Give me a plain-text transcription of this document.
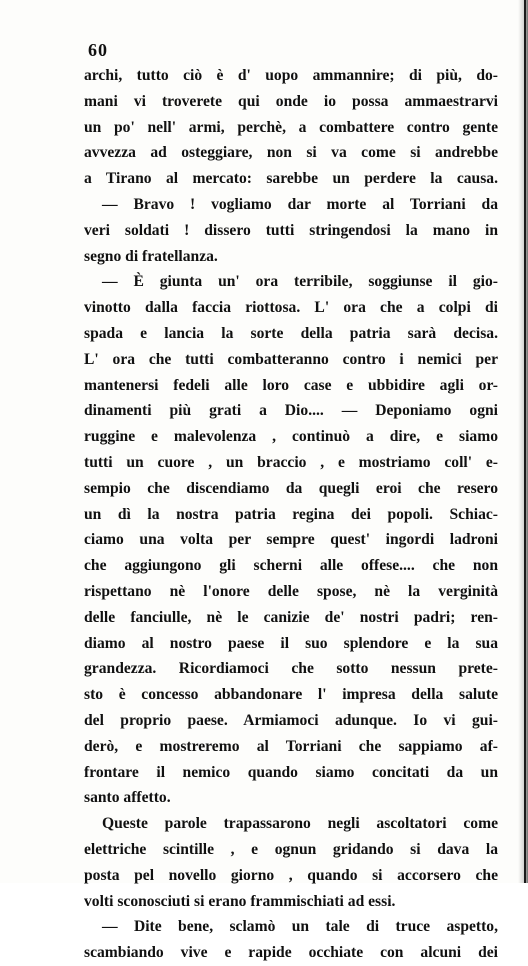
60
archi, tutto ciò è d' uopo ammannire; di più, do-
mani vi troverete qui onde io possa ammaestrarvi
un po' nell' armi, perchè, a combattere contro gente
avvezza ad osteggiare, non si va come si andrebbe
a Tirano al mercato: sarebbe un perdere la causa.
— Bravo ! vogliamo dar morte al Torriani da
veri soldati ! dissero tutti stringendosi la mano in
segno di fratellanza.
— È giunta un' ora terribile, soggiunse il gio-
vinotto dalla faccia riottosa. L' ora che a colpi di
spada e lancia la sorte della patria sarà decisa.
L' ora che tutti combatteranno contro i nemici per
mantenersi fedeli alle loro case e ubbidire agli or-
dinamenti più grati a Dio.... — Deponiamo ogni
ruggine e malevolenza , continuò a dire, e siamo
tutti un cuore , un braccio , e mostriamo coll' e-
sempio che discendiamo da quegli eroi che resero
un dì la nostra patria regina dei popoli. Schiac-
ciamo una volta per sempre quest' ingordi ladroni
che aggiungono gli scherni alle offese.... che non
rispettano nè l'onore delle spose, nè la verginità
delle fanciulle, nè le canizie de' nostri padri; ren-
diamo al nostro paese il suo splendore e la sua
grandezza. Ricordiamoci che sotto nessun prete-
sto è concesso abbandonare l' impresa della salute
del proprio paese. Armiamoci adunque. Io vi gui-
derò, e mostreremo al Torriani che sappiamo af-
frontare il nemico quando siamo concitati da un
santo affetto.
Queste parole trapassarono negli ascoltatori come
elettriche scintille , e ognun gridando si dava la
posta pel novello giorno , quando si accorsero che
volti sconosciuti si erano frammischiati ad essi.
— Dite bene, sclamò un tale di truce aspetto,
scambiando vive e rapide occhiate con alcuni dei
